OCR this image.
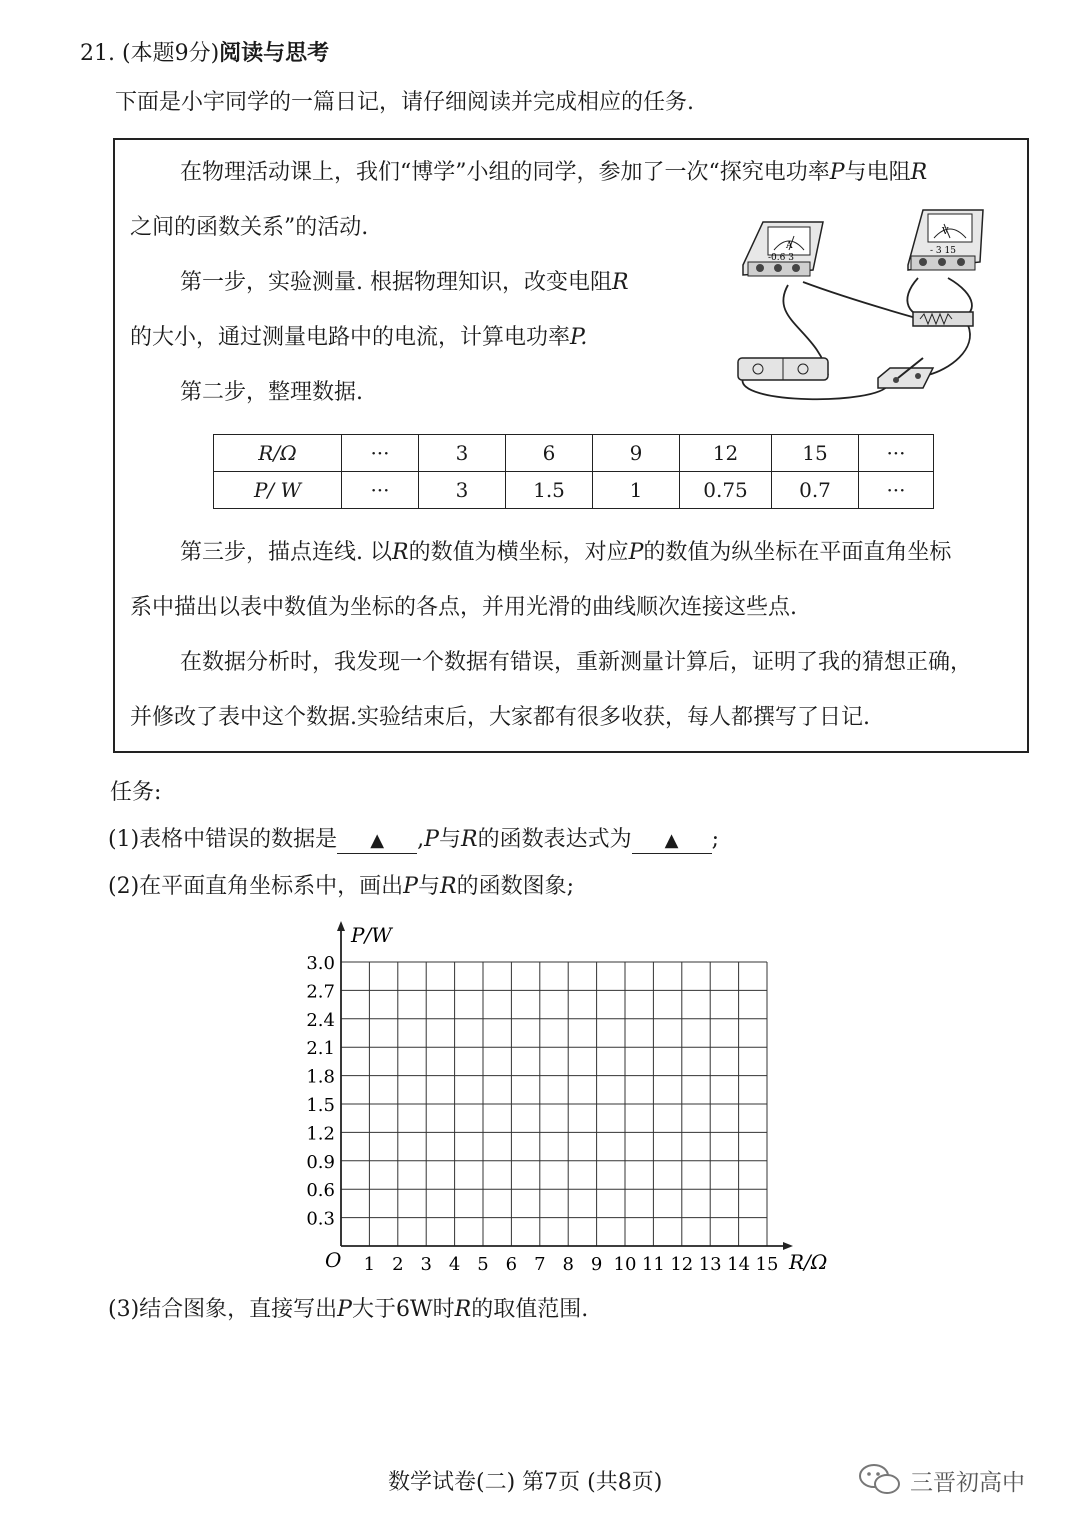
21. (本题9分)阅读与思考
下面是小宇同学的一篇日记，请仔细阅读并完成相应的任务.
在物理活动课上，我们“博学”小组的同学，参加了一次“探究电功率P与电阻R
之间的函数关系”的活动.
第一步，实验测量. 根据物理知识，改变电阻R
的大小，通过测量电路中的电流，计算电功率P.
第二步，整理数据.
-0.6 3
A	- 3 15
V
R/Ω	···	3	6	9	12	15	···
P/ W	···	3	1.5	1	0.75	0.7	···
第三步，描点连线. 以R的数值为横坐标，对应P的数值为纵坐标在平面直角坐标
系中描出以表中数值为坐标的各点，并用光滑的曲线顺次连接这些点.
在数据分析时，我发现一个数据有错误，重新测量计算后，证明了我的猜想正确，
并修改了表中这个数据.实验结束后，大家都有很多收获，每人都撰写了日记.
任务:
(1)表格中错误的数据是 ▲ ,P与R的函数表达式为 ▲ ;
(2)在平面直角坐标系中，画出P与R的函数图象;
P/W
R/Ω
O
0.3
0.6
0.9
1.2
1.5
1.8
2.1
2.4
2.7
3.0
1 2 3 4 5 6 7 8 9 10 11 12 13 14 15
(3)结合图象，直接写出P大于6W时R的取值范围.
数学试卷(二) 第7页 (共8页)	三晋初高中
